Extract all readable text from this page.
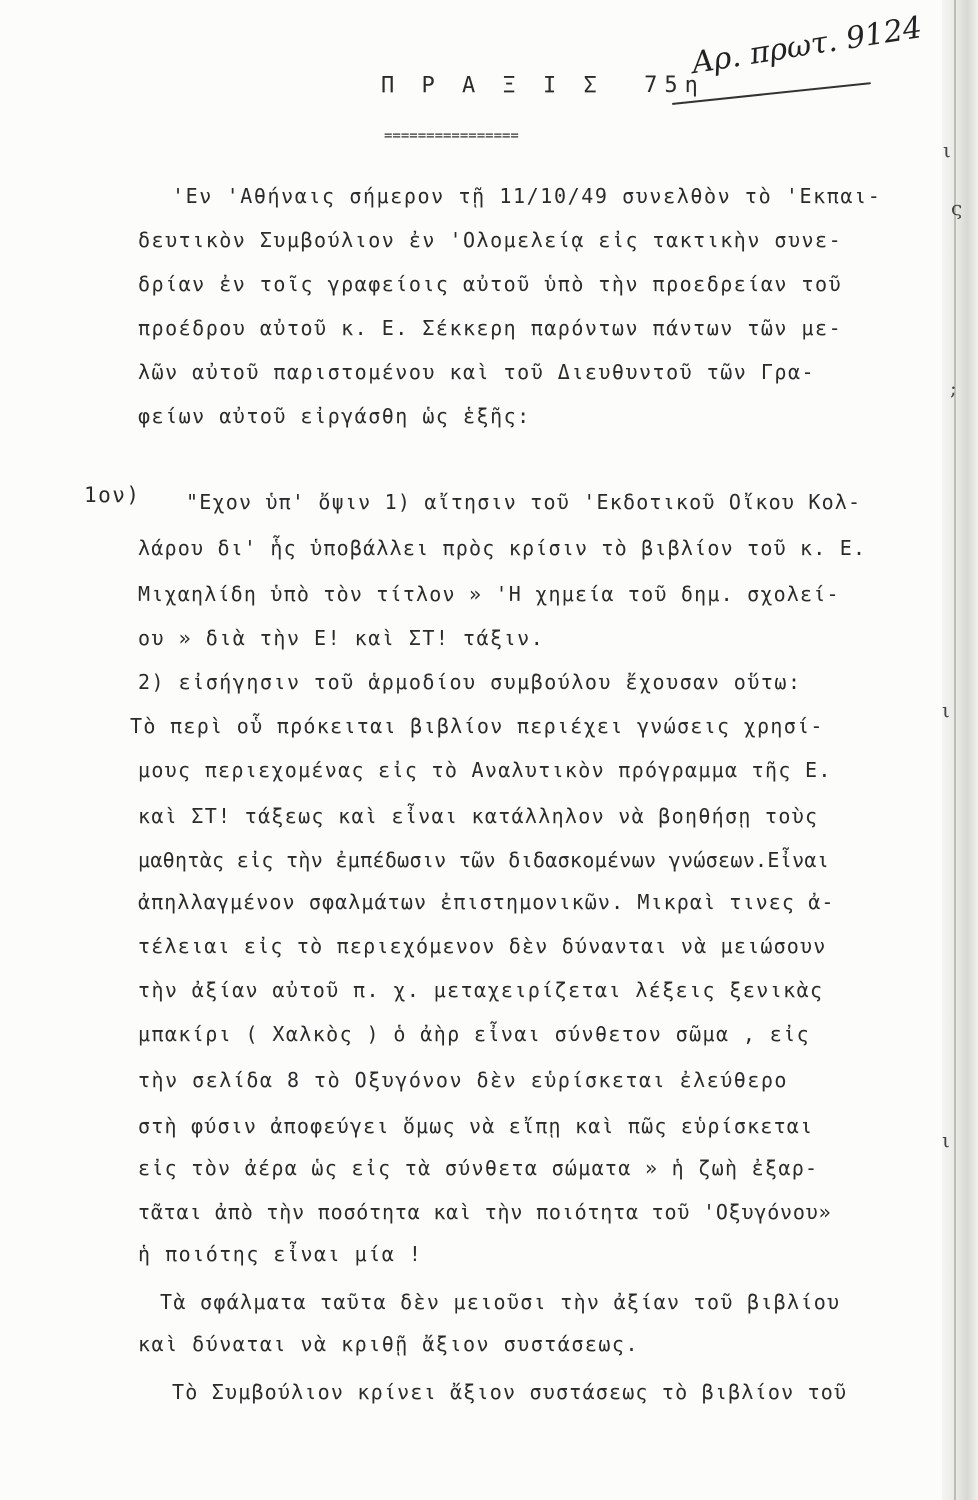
Π Ρ Α Ξ Ι Σ  75η
================
Αρ. πρωτ. 9124
1ον)
'Εν 'Αθήναις σήμερον τῇ 11/10/49 συνελθὸν τὸ 'Εκπαι-
δευτικὸν Συμβούλιον ἐν 'Ολομελείᾳ εἰς τακτικὴν συνε-
δρίαν ἐν τοῖς γραφείοις αὐτοῦ ὑπὸ τὴν προεδρείαν τοῦ
προέδρου αὐτοῦ κ. Ε. Σέκκερη παρόντων πάντων τῶν με-
λῶν αὐτοῦ παριστομένου καὶ τοῦ Διευθυντοῦ τῶν Γρα-
φείων αὐτοῦ εἰργάσθη ὡς ἑξῆς:
"Εχον ὑπ' ὄψιν 1) αἴτησιν τοῦ 'Εκδοτικοῦ Οἴκου Κολ-
λάρου δι' ἧς ὑποβάλλει πρὸς κρίσιν τὸ βιβλίον τοῦ κ. Ε.
Μιχαηλίδη ὑπὸ τὸν τίτλον » 'Η χημεία τοῦ δημ. σχολεί-
ου » διὰ τὴν Ε! καὶ ΣΤ! τάξιν.
2) εἰσήγησιν τοῦ ἁρμοδίου συμβούλου ἔχουσαν οὕτω:
Τὸ περὶ οὗ πρόκειται βιβλίον περιέχει γνώσεις χρησί-
μους περιεχομένας εἰς τὸ Αναλυτικὸν πρόγραμμα τῆς Ε.
καὶ ΣΤ! τάξεως καὶ εἶναι κατάλληλον νὰ βοηθήσῃ τοὺς
μαθητὰς εἰς τὴν ἐμπέδωσιν τῶν διδασκομένων γνώσεων.Εἶναι
ἀπηλλαγμένον σφαλμάτων ἐπιστημονικῶν. Μικραὶ τινες ἀ-
τέλειαι εἰς τὸ περιεχόμενον δὲν δύνανται νὰ μειώσουν
τὴν ἀξίαν αὐτοῦ π. χ. μεταχειρίζεται λέξεις ξενικὰς
μπακίρι ( Χαλκὸς ) ὁ ἀὴρ εἶναι σύνθετον σῶμα , εἰς
τὴν σελίδα 8 τὸ Οξυγόνον δὲν εὑρίσκεται ἐλεύθερο
στὴ φύσιν ἀποφεύγει ὅμως νὰ εἴπῃ καὶ πῶς εὑρίσκεται
εἰς τὸν ἀέρα ὡς εἰς τὰ σύνθετα σώματα » ἡ ζωὴ ἐξαρ-
τᾶται ἀπὸ τὴν ποσότητα καὶ τὴν ποιότητα τοῦ 'Οξυγόνου»
ἡ ποιότης εἶναι μία !
Τὰ σφάλματα ταῦτα δὲν μειοῦσι τὴν ἀξίαν τοῦ βιβλίου
καὶ δύναται νὰ κριθῇ ἄξιον συστάσεως.
Τὸ Συμβούλιον κρίνει ἄξιον συστάσεως τὸ βιβλίον τοῦ
ς
;
ι
ι
ι
